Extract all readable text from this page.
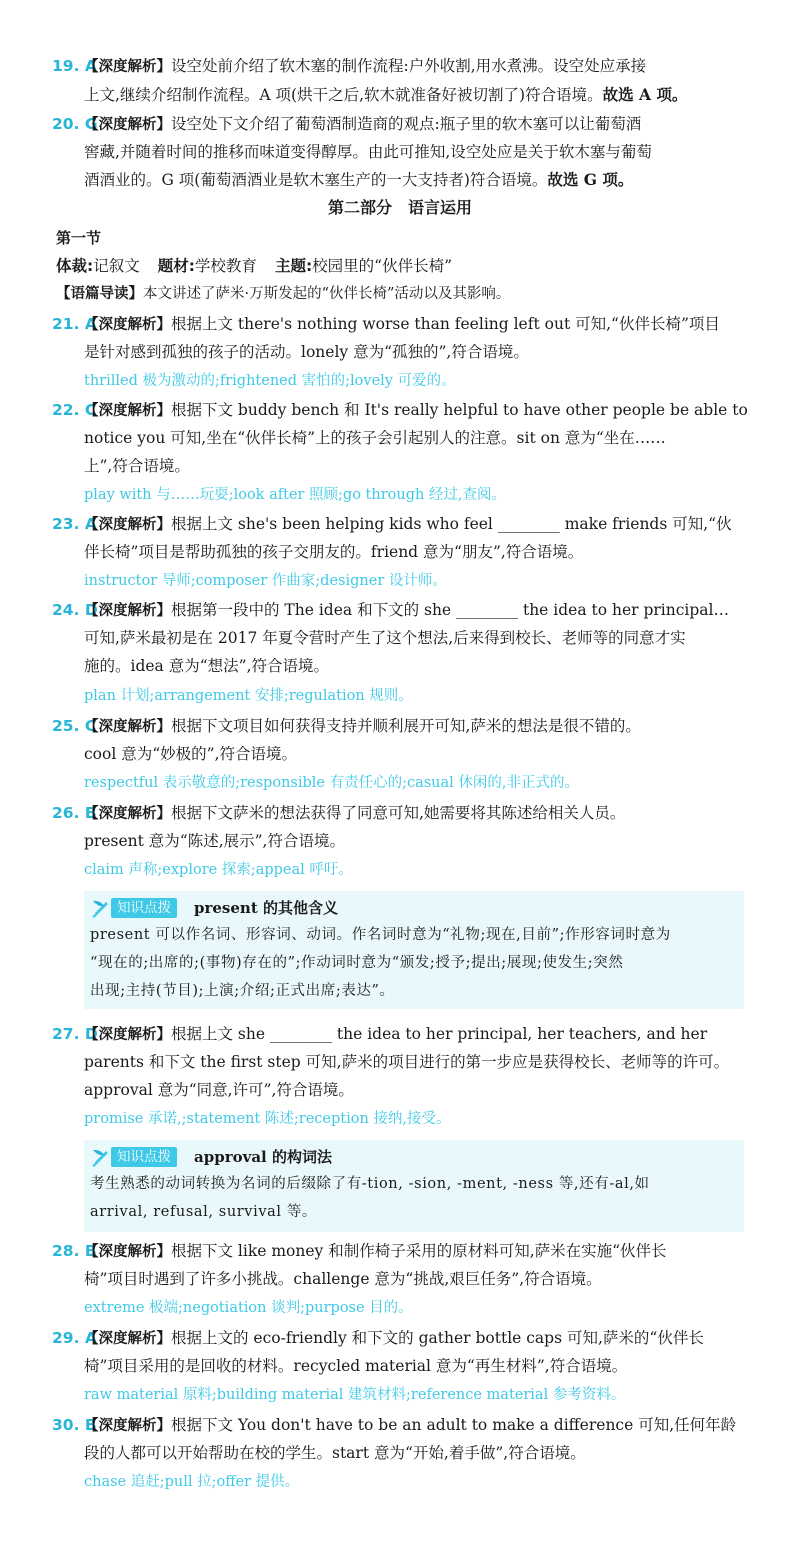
19. A
【深度解析】设空处前介绍了软木塞的制作流程:户外收割,用水煮沸。设空处应承接
上文,继续介绍制作流程。A 项(烘干之后,软木就准备好被切割了)符合语境。故选 A 项。
20. G
【深度解析】设空处下文介绍了葡萄酒制造商的观点:瓶子里的软木塞可以让葡萄酒
窖藏,并随着时间的推移而味道变得醇厚。由此可推知,设空处应是关于软木塞与葡萄
酒酒业的。G 项(葡萄酒酒业是软木塞生产的一大支持者)符合语境。故选 G 项。
第二部分　语言运用
第一节
体裁:记叙文 题材:学校教育 主题:校园里的“伙伴长椅”
【语篇导读】本文讲述了萨米·万斯发起的“伙伴长椅”活动以及其影响。
21. A
【深度解析】根据上文 there's nothing worse than feeling left out 可知,“伙伴长椅”项目
是针对感到孤独的孩子的活动。lonely 意为“孤独的”,符合语境。
thrilled 极为激动的;frightened 害怕的;lovely 可爱的。
22. C
【深度解析】根据下文 buddy bench 和 It's really helpful to have other people be able to
notice you 可知,坐在“伙伴长椅”上的孩子会引起别人的注意。sit on 意为“坐在……
上”,符合语境。
play with 与……玩耍;look after 照顾;go through 经过,查阅。
23. A
【深度解析】根据上文 she's been helping kids who feel ________ make friends 可知,“伙
伴长椅”项目是帮助孤独的孩子交朋友的。friend 意为“朋友”,符合语境。
instructor 导师;composer 作曲家;designer 设计师。
24. D
【深度解析】根据第一段中的 The idea 和下文的 she ________ the idea to her principal…
可知,萨米最初是在 2017 年夏令营时产生了这个想法,后来得到校长、老师等的同意才实
施的。idea 意为“想法”,符合语境。
plan 计划;arrangement 安排;regulation 规则。
25. C
【深度解析】根据下文项目如何获得支持并顺利展开可知,萨米的想法是很不错的。
cool 意为“妙极的”,符合语境。
respectful 表示敬意的;responsible 有责任心的;casual 休闲的,非正式的。
26. B
【深度解析】根据下文萨米的想法获得了同意可知,她需要将其陈述给相关人员。
present 意为“陈述,展示”,符合语境。
claim 声称;explore 探索;appeal 呼吁。
知识点拨	present 的其他含义
present 可以作名词、形容词、动词。作名词时意为“礼物;现在,目前”;作形容词时意为
“现在的;出席的;(事物)存在的”;作动词时意为“颁发;授予;提出;展现;使发生;突然
出现;主持(节目);上演;介绍;正式出席;表达”。
27. D
【深度解析】根据上文 she ________ the idea to her principal, her teachers, and her
parents 和下文 the first step 可知,萨米的项目进行的第一步应是获得校长、老师等的许可。
approval 意为“同意,许可”,符合语境。
promise 承诺,;statement 陈述;reception 接纳,接受。
知识点拨	approval 的构词法
考生熟悉的动词转换为名词的后缀除了有-tion, -sion, -ment, -ness 等,还有-al,如
arrival, refusal, survival 等。
28. B
【深度解析】根据下文 like money 和制作椅子采用的原材料可知,萨米在实施“伙伴长
椅”项目时遇到了许多小挑战。challenge 意为“挑战,艰巨任务”,符合语境。
extreme 极端;negotiation 谈判;purpose 目的。
29. A
【深度解析】根据上文的 eco-friendly 和下文的 gather bottle caps 可知,萨米的“伙伴长
椅”项目采用的是回收的材料。recycled material 意为“再生材料”,符合语境。
raw material 原料;building material 建筑材料;reference material 参考资料。
30. B
【深度解析】根据下文 You don't have to be an adult to make a difference 可知,任何年龄
段的人都可以开始帮助在校的学生。start 意为“开始,着手做”,符合语境。
chase 追赶;pull 拉;offer 提供。
